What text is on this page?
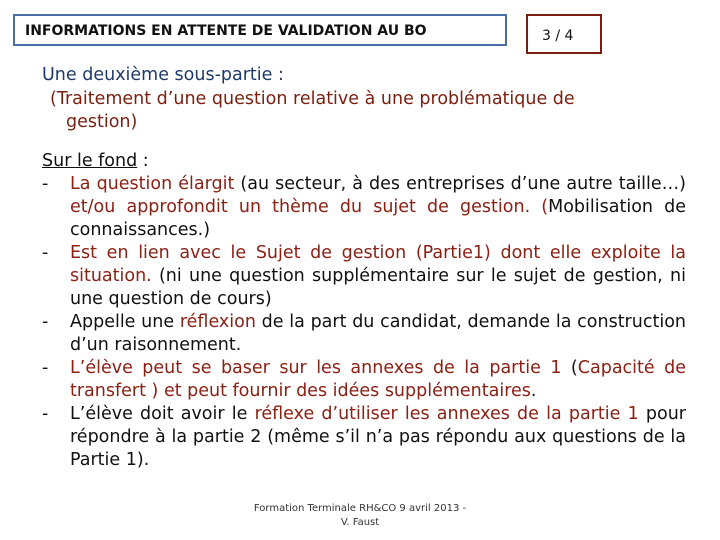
INFORMATIONS EN ATTENTE DE VALIDATION AU BO	3 / 4
Une deuxième sous-partie :
(Traitement d’une question relative à une problématique de
gestion)
Sur le fond :
-	La question élargit (au secteur, à des entreprises d’une autre taille…) et/ou approfondit un thème du sujet de gestion. (Mobilisation de connaissances.)
-	Est en lien avec le Sujet de gestion (Partie1) dont elle exploite la situation. (ni une question supplémentaire sur le sujet de gestion, ni une question de cours)
-	Appelle une réflexion de la part du candidat, demande la construction d’un raisonnement.
-	L’élève peut se baser sur les annexes de la partie 1 (Capacité de transfert ) et peut fournir des idées supplémentaires.
-	L’élève doit avoir le réflexe d’utiliser les annexes de la partie 1 pour répondre à la partie 2 (même s’il n’a pas répondu aux questions de la Partie 1).
Formation Terminale RH&CO 9 avril 2013 -
V. Faust
